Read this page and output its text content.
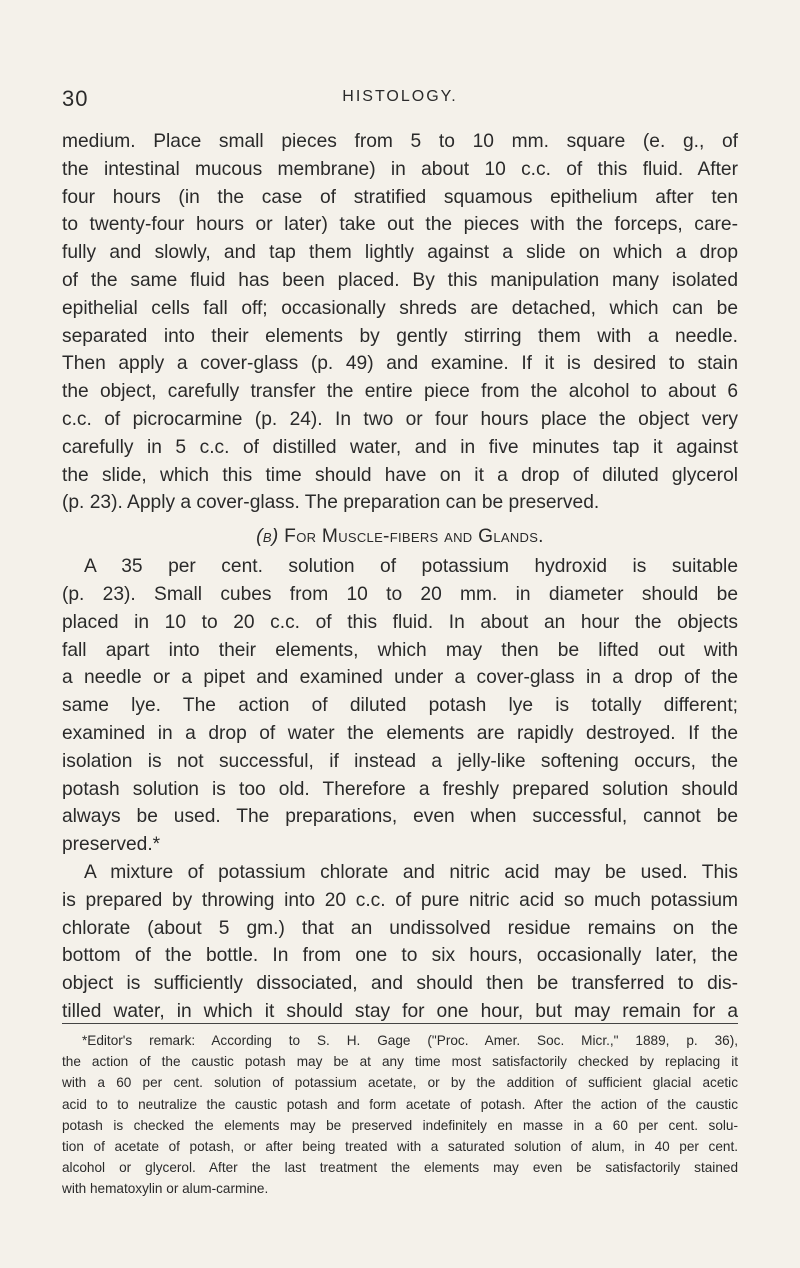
30	HISTOLOGY.
medium. Place small pieces from 5 to 10 mm. square (e. g., of
the intestinal mucous membrane) in about 10 c.c. of this fluid. After
four hours (in the case of stratified squamous epithelium after ten
to twenty-four hours or later) take out the pieces with the forceps, care-
fully and slowly, and tap them lightly against a slide on which a drop
of the same fluid has been placed. By this manipulation many isolated
epithelial cells fall off; occasionally shreds are detached, which can be
separated into their elements by gently stirring them with a needle.
Then apply a cover-glass (p. 49) and examine. If it is desired to stain
the object, carefully transfer the entire piece from the alcohol to about 6
c.c. of picrocarmine (p. 24). In two or four hours place the object very
carefully in 5 c.c. of distilled water, and in five minutes tap it against
the slide, which this time should have on it a drop of diluted glycerol
(p. 23). Apply a cover-glass. The preparation can be preserved.
(b) For Muscle-fibers and Glands.
A 35 per cent. solution of potassium hydroxid is suitable
(p. 23). Small cubes from 10 to 20 mm. in diameter should be
placed in 10 to 20 c.c. of this fluid. In about an hour the objects
fall apart into their elements, which may then be lifted out with
a needle or a pipet and examined under a cover-glass in a drop of the
same lye. The action of diluted potash lye is totally different;
examined in a drop of water the elements are rapidly destroyed. If the
isolation is not successful, if instead a jelly-like softening occurs, the
potash solution is too old. Therefore a freshly prepared solution should
always be used. The preparations, even when successful, cannot be
preserved.*
A mixture of potassium chlorate and nitric acid may be used. This
is prepared by throwing into 20 c.c. of pure nitric acid so much potassium
chlorate (about 5 gm.) that an undissolved residue remains on the
bottom of the bottle. In from one to six hours, occasionally later, the
object is sufficiently dissociated, and should then be transferred to dis-
tilled water, in which it should stay for one hour, but may remain for a
*Editor's remark: According to S. H. Gage ("Proc. Amer. Soc. Micr.," 1889, p. 36),
the action of the caustic potash may be at any time most satisfactorily checked by replacing it
with a 60 per cent. solution of potassium acetate, or by the addition of sufficient glacial acetic
acid to to neutralize the caustic potash and form acetate of potash. After the action of the caustic
potash is checked the elements may be preserved indefinitely en masse in a 60 per cent. solu-
tion of acetate of potash, or after being treated with a saturated solution of alum, in 40 per cent.
alcohol or glycerol. After the last treatment the elements may even be satisfactorily stained
with hematoxylin or alum-carmine.
